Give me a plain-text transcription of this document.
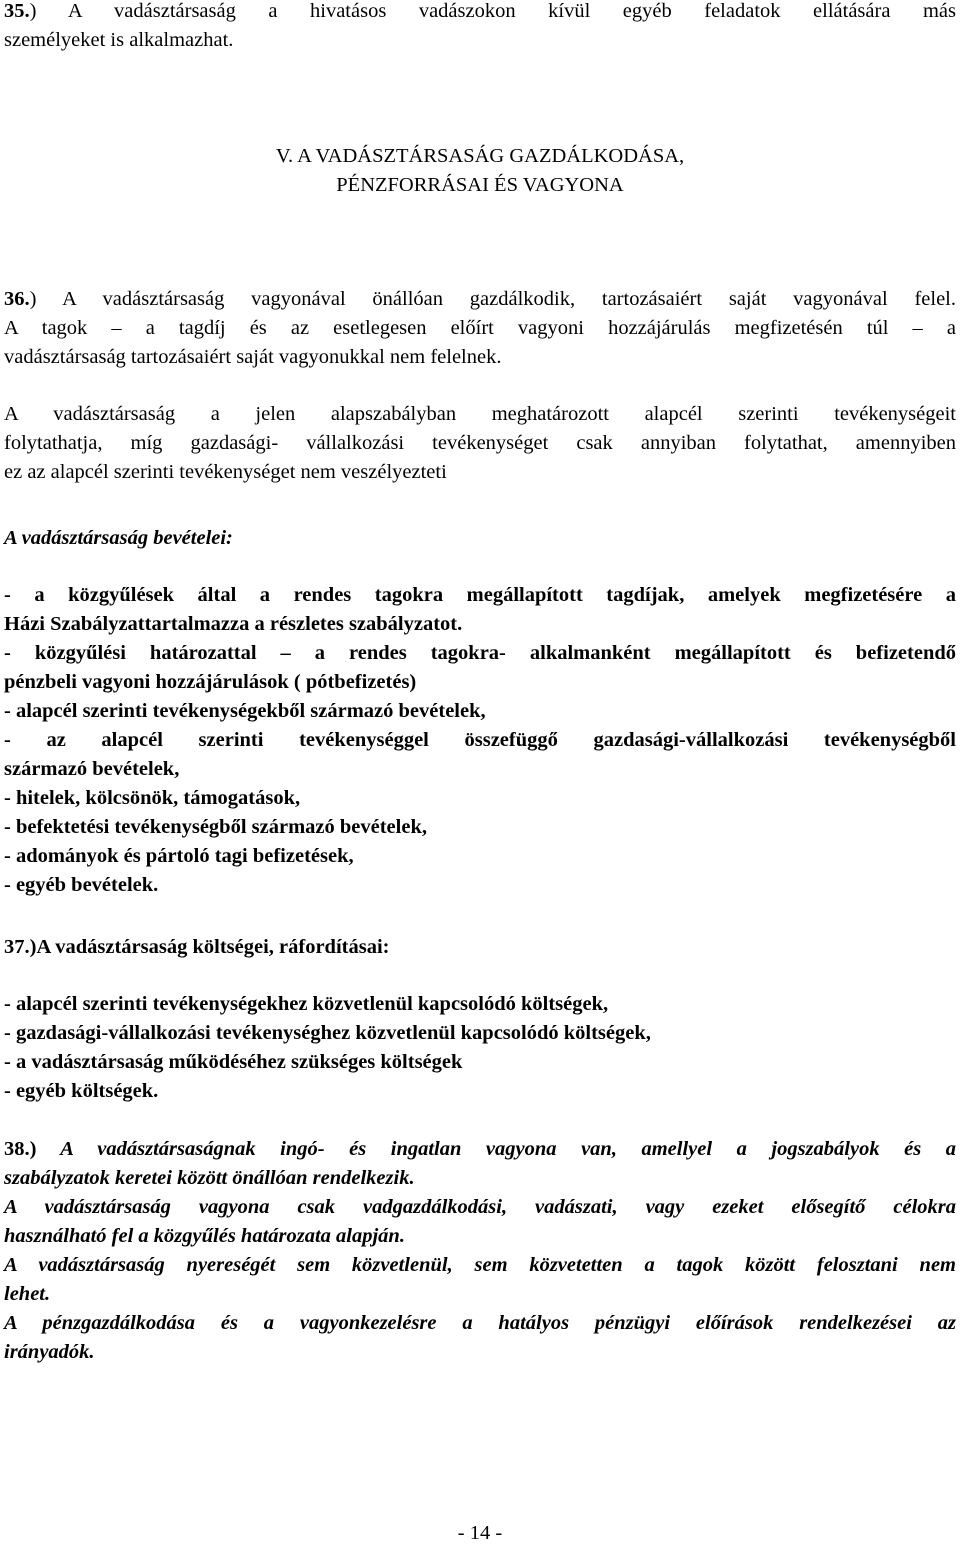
35.) A vadásztársaság a hivatásos vadászokon kívül egyéb feladatok ellátására más
személyeket is alkalmazhat.
V. A VADÁSZTÁRSASÁG GAZDÁLKODÁSA,
PÉNZFORRÁSAI ÉS VAGYONA
36.) A vadásztársaság vagyonával önállóan gazdálkodik, tartozásaiért saját vagyonával felel.
A tagok – a tagdíj és az esetlegesen előírt vagyoni hozzájárulás megfizetésén túl – a
vadásztársaság tartozásaiért saját vagyonukkal nem felelnek.
A vadásztársaság a jelen alapszabályban meghatározott alapcél szerinti tevékenységeit
folytathatja, míg gazdasági- vállalkozási tevékenységet csak annyiban folytathat, amennyiben
ez az alapcél szerinti tevékenységet nem veszélyezteti
A vadásztársaság bevételei:
- a közgyűlések által a rendes tagokra megállapított tagdíjak, amelyek megfizetésére a
Házi Szabályzattartalmazza a részletes szabályzatot.
- közgyűlési határozattal – a rendes tagokra- alkalmanként megállapított és befizetendő
pénzbeli vagyoni hozzájárulások ( pótbefizetés)
- alapcél szerinti tevékenységekből származó bevételek,
- az alapcél szerinti tevékenységgel összefüggő gazdasági-vállalkozási tevékenységből
származó bevételek,
- hitelek, kölcsönök, támogatások,
- befektetési tevékenységből származó bevételek,
- adományok és pártoló tagi befizetések,
- egyéb bevételek.
37.)A vadásztársaság költségei, ráfordításai:
- alapcél szerinti tevékenységekhez közvetlenül kapcsolódó költségek,
- gazdasági-vállalkozási tevékenységhez közvetlenül kapcsolódó költségek,
- a vadásztársaság működéséhez szükséges költségek
- egyéb költségek.
38.) A vadásztársaságnak ingó- és ingatlan vagyona van, amellyel a jogszabályok és a
szabályzatok keretei között önállóan rendelkezik.
A vadásztársaság vagyona csak vadgazdálkodási, vadászati, vagy ezeket elősegítő célokra
használható fel a közgyűlés határozata alapján.
A vadásztársaság nyereségét sem közvetlenül, sem közvetetten a tagok között felosztani nem
lehet.
A pénzgazdálkodása és a vagyonkezelésre a hatályos pénzügyi előírások rendelkezései az
irányadók.
- 14 -
